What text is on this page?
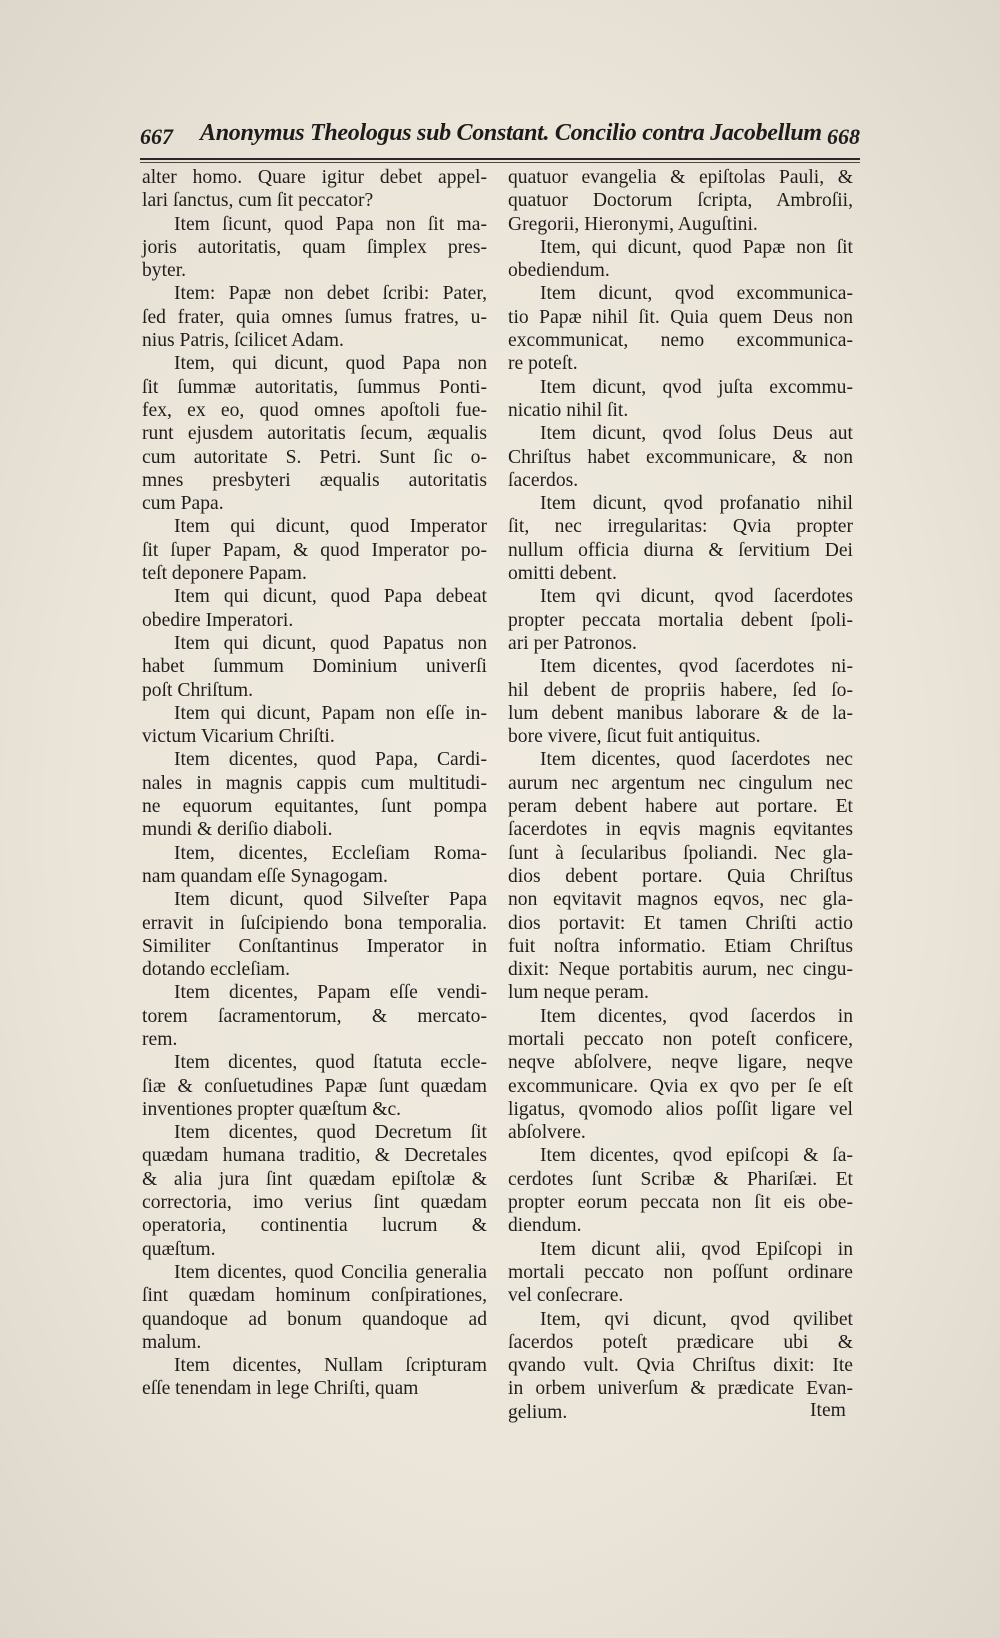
667 Anonymus Theologus sub Constant. Concilio contra Jacobellum 668
alter homo. Quare igitur debet appel-
lari ſanctus, cum ſit peccator?
Item ſicunt, quod Papa non ſit ma-
joris autoritatis, quam ſimplex pres-
byter.
Item: Papæ non debet ſcribi: Pater,
ſed frater, quia omnes ſumus fratres, u-
nius Patris, ſcilicet Adam.
Item, qui dicunt, quod Papa non
ſit ſummæ autoritatis, ſummus Ponti-
fex, ex eo, quod omnes apoſtoli fue-
runt ejusdem autoritatis ſecum, æqualis
cum autoritate S. Petri. Sunt ſic o-
mnes presbyteri æqualis autoritatis
cum Papa.
Item qui dicunt, quod Imperator
ſit ſuper Papam, & quod Imperator po-
teſt deponere Papam.
Item qui dicunt, quod Papa debeat
obedire Imperatori.
Item qui dicunt, quod Papatus non
habet ſummum Dominium univerſi
poſt Chriſtum.
Item qui dicunt, Papam non eſſe in-
victum Vicarium Chriſti.
Item dicentes, quod Papa, Cardi-
nales in magnis cappis cum multitudi-
ne equorum equitantes, ſunt pompa
mundi & deriſio diaboli.
Item, dicentes, Eccleſiam Roma-
nam quandam eſſe Synagogam.
Item dicunt, quod Silveſter Papa
erravit in ſuſcipiendo bona temporalia.
Similiter Conſtantinus Imperator in
dotando eccleſiam.
Item dicentes, Papam eſſe vendi-
torem ſacramentorum, & mercato-
rem.
Item dicentes, quod ſtatuta eccle-
ſiæ & conſuetudines Papæ ſunt quædam
inventiones propter quæſtum &c.
Item dicentes, quod Decretum ſit
quædam humana traditio, & Decretales
& alia jura ſint quædam epiſtolæ &
correctoria, imo verius ſint quædam
operatoria, continentia lucrum &
quæſtum.
Item dicentes, quod Concilia generalia
ſint quædam hominum conſpirationes,
quandoque ad bonum quandoque ad
malum.
Item dicentes, Nullam ſcripturam
eſſe tenendam in lege Chriſti, quam
quatuor evangelia & epiſtolas Pauli, &
quatuor Doctorum ſcripta, Ambroſii,
Gregorii, Hieronymi, Auguſtini.
Item, qui dicunt, quod Papæ non ſit
obediendum.
Item dicunt, qvod excommunica-
tio Papæ nihil ſit. Quia quem Deus non
excommunicat, nemo excommunica-
re poteſt.
Item dicunt, qvod juſta excommu-
nicatio nihil ſit.
Item dicunt, qvod ſolus Deus aut
Chriſtus habet excommunicare, & non
ſacerdos.
Item dicunt, qvod profanatio nihil
ſit, nec irregularitas: Qvia propter
nullum officia diurna & ſervitium Dei
omitti debent.
Item qvi dicunt, qvod ſacerdotes
propter peccata mortalia debent ſpoli-
ari per Patronos.
Item dicentes, qvod ſacerdotes ni-
hil debent de propriis habere, ſed ſo-
lum debent manibus laborare & de la-
bore vivere, ſicut fuit antiquitus.
Item dicentes, quod ſacerdotes nec
aurum nec argentum nec cingulum nec
peram debent habere aut portare. Et
ſacerdotes in eqvis magnis eqvitantes
ſunt à ſecularibus ſpoliandi. Nec gla-
dios debent portare. Quia Chriſtus
non eqvitavit magnos eqvos, nec gla-
dios portavit: Et tamen Chriſti actio
fuit noſtra informatio. Etiam Chriſtus
dixit: Neque portabitis aurum, nec cingu-
lum neque peram.
Item dicentes, qvod ſacerdos in
mortali peccato non poteſt conficere,
neqve abſolvere, neqve ligare, neqve
excommunicare. Qvia ex qvo per ſe eſt
ligatus, qvomodo alios poſſit ligare vel
abſolvere.
Item dicentes, qvod epiſcopi & ſa-
cerdotes ſunt Scribæ & Phariſæi. Et
propter eorum peccata non ſit eis obe-
diendum.
Item dicunt alii, qvod Epiſcopi in
mortali peccato non poſſunt ordinare
vel conſecrare.
Item, qvi dicunt, qvod qvilibet
ſacerdos poteſt prædicare ubi &
qvando vult. Qvia Chriſtus dixit: Ite
in orbem univerſum & prædicate Evan-
gelium.	Item
